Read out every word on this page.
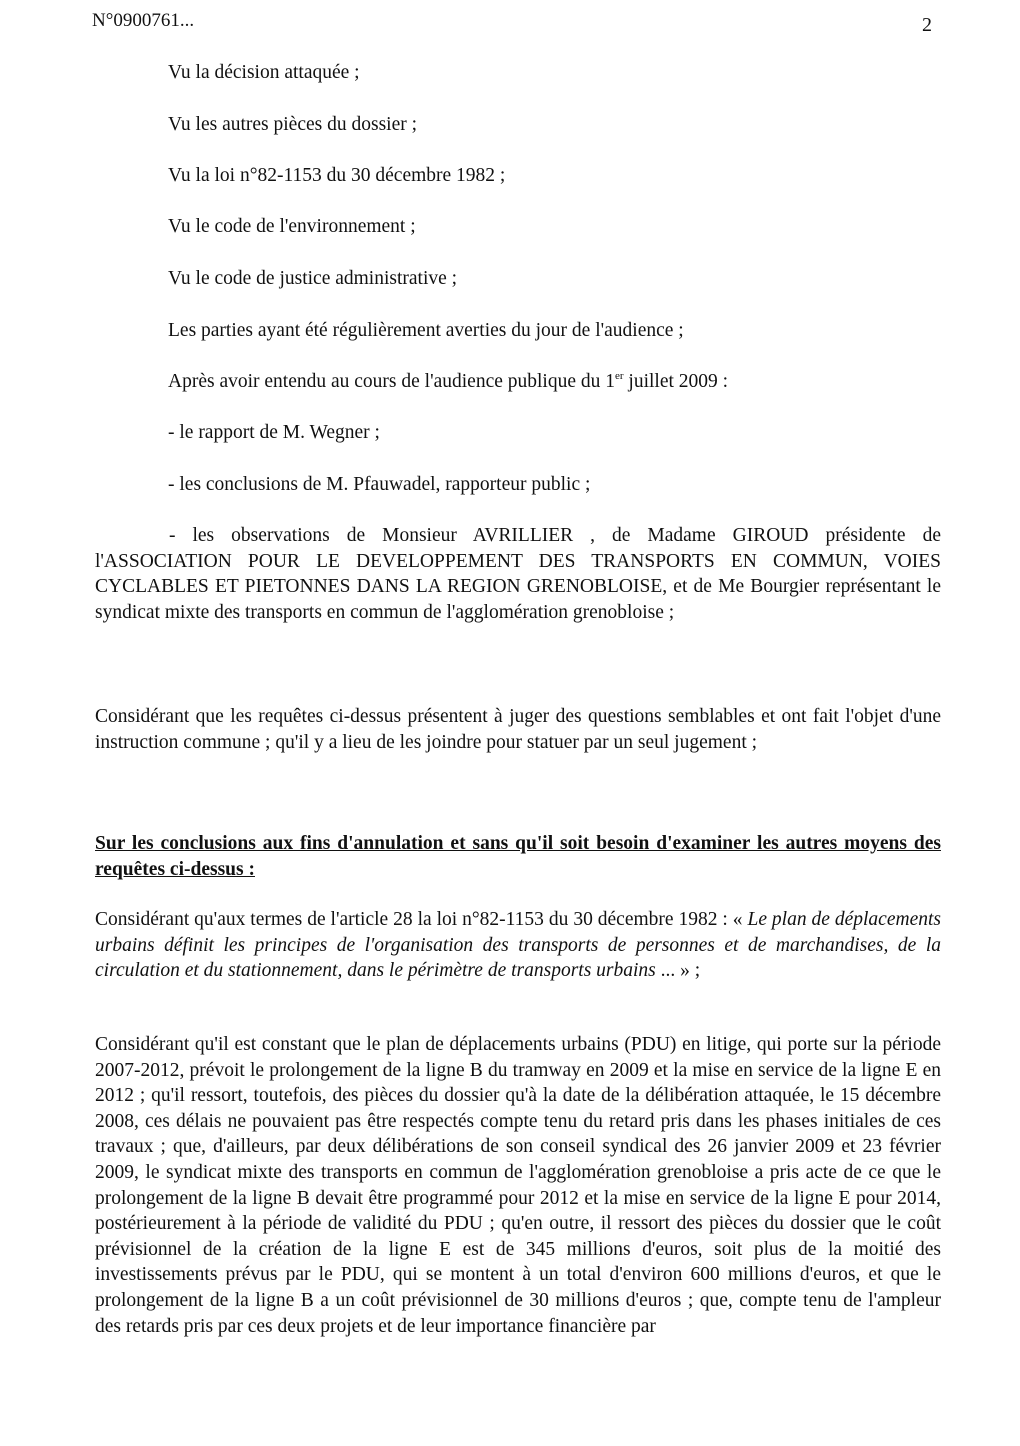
N°0900761...	2
Vu la décision attaquée ;
Vu les autres pièces du dossier ;
Vu la loi n°82-1153 du 30 décembre 1982 ;
Vu le code de l'environnement ;
Vu le code de justice administrative ;
Les parties ayant été régulièrement averties du jour de l'audience ;
Après avoir entendu au cours de l'audience publique du 1er juillet 2009 :
- le rapport de M. Wegner ;
- les conclusions de M. Pfauwadel, rapporteur public ;
- les observations de Monsieur AVRILLIER , de Madame GIROUD présidente de l'ASSOCIATION POUR LE DEVELOPPEMENT DES TRANSPORTS EN COMMUN, VOIES CYCLABLES ET PIETONNES DANS LA REGION GRENOBLOISE, et de Me Bourgier représentant le syndicat mixte des transports en commun de l'agglomération grenobloise ;
Considérant que les requêtes ci-dessus présentent à juger des questions semblables et ont fait l'objet d'une instruction commune ; qu'il y a lieu de les joindre pour statuer par un seul jugement ;
Sur les conclusions aux fins d'annulation et sans qu'il soit besoin d'examiner les autres moyens des requêtes ci-dessus :
Considérant qu'aux termes de l'article 28 la loi n°82-1153 du 30 décembre 1982 : « Le plan de déplacements urbains définit les principes de l'organisation des transports de personnes et de marchandises, de la circulation et du stationnement, dans le périmètre de transports urbains ... » ;
Considérant qu'il est constant que le plan de déplacements urbains (PDU) en litige, qui porte sur la période 2007-2012, prévoit le prolongement de la ligne B du tramway en 2009 et la mise en service de la ligne E en 2012 ; qu'il ressort, toutefois, des pièces du dossier qu'à la date de la délibération attaquée, le 15 décembre 2008, ces délais ne pouvaient pas être respectés compte tenu du retard pris dans les phases initiales de ces travaux ; que, d'ailleurs, par deux délibérations de son conseil syndical des 26 janvier 2009 et 23 février 2009, le syndicat mixte des transports en commun de l'agglomération grenobloise a pris acte de ce que le prolongement de la ligne B devait être programmé pour 2012 et la mise en service de la ligne E pour 2014, postérieurement à la période de validité du PDU ; qu'en outre, il ressort des pièces du dossier que le coût prévisionnel de la création de la ligne E est de 345 millions d'euros, soit plus de la moitié des investissements prévus par le PDU, qui se montent à un total d'environ 600 millions d'euros, et que le prolongement de la ligne B a un coût prévisionnel de 30 millions d'euros ; que, compte tenu de l'ampleur des retards pris par ces deux projets et de leur importance financière par
